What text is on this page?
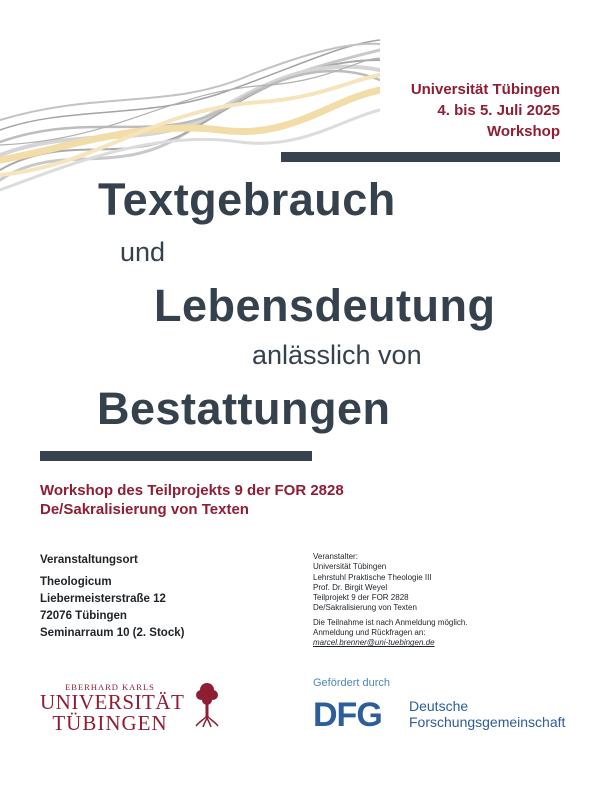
Universität Tübingen
4. bis 5. Juli 2025
Workshop
Textgebrauch
und
Lebensdeutung
anlässlich von
Bestattungen
Workshop des Teilprojekts 9 der FOR 2828
De/Sakralisierung von Texten
Veranstaltungsort
Theologicum
Liebermeisterstraße 12
72076 Tübingen
Seminarraum 10 (2. Stock)
Veranstalter:
Universität Tübingen
Lehrstuhl Praktische Theologie III
Prof. Dr. Birgit Weyel
Teilprojekt 9 der FOR 2828
De/Sakralisierung von Texten
Die Teilnahme ist nach Anmeldung möglich.
Anmeldung und Rückfragen an:
marcel.brenner@uni-tuebingen.de
EBERHARD KARLS
UNIVERSITÄT
TÜBINGEN
Gefördert durch
DFG Deutsche
Forschungsgemeinschaft
